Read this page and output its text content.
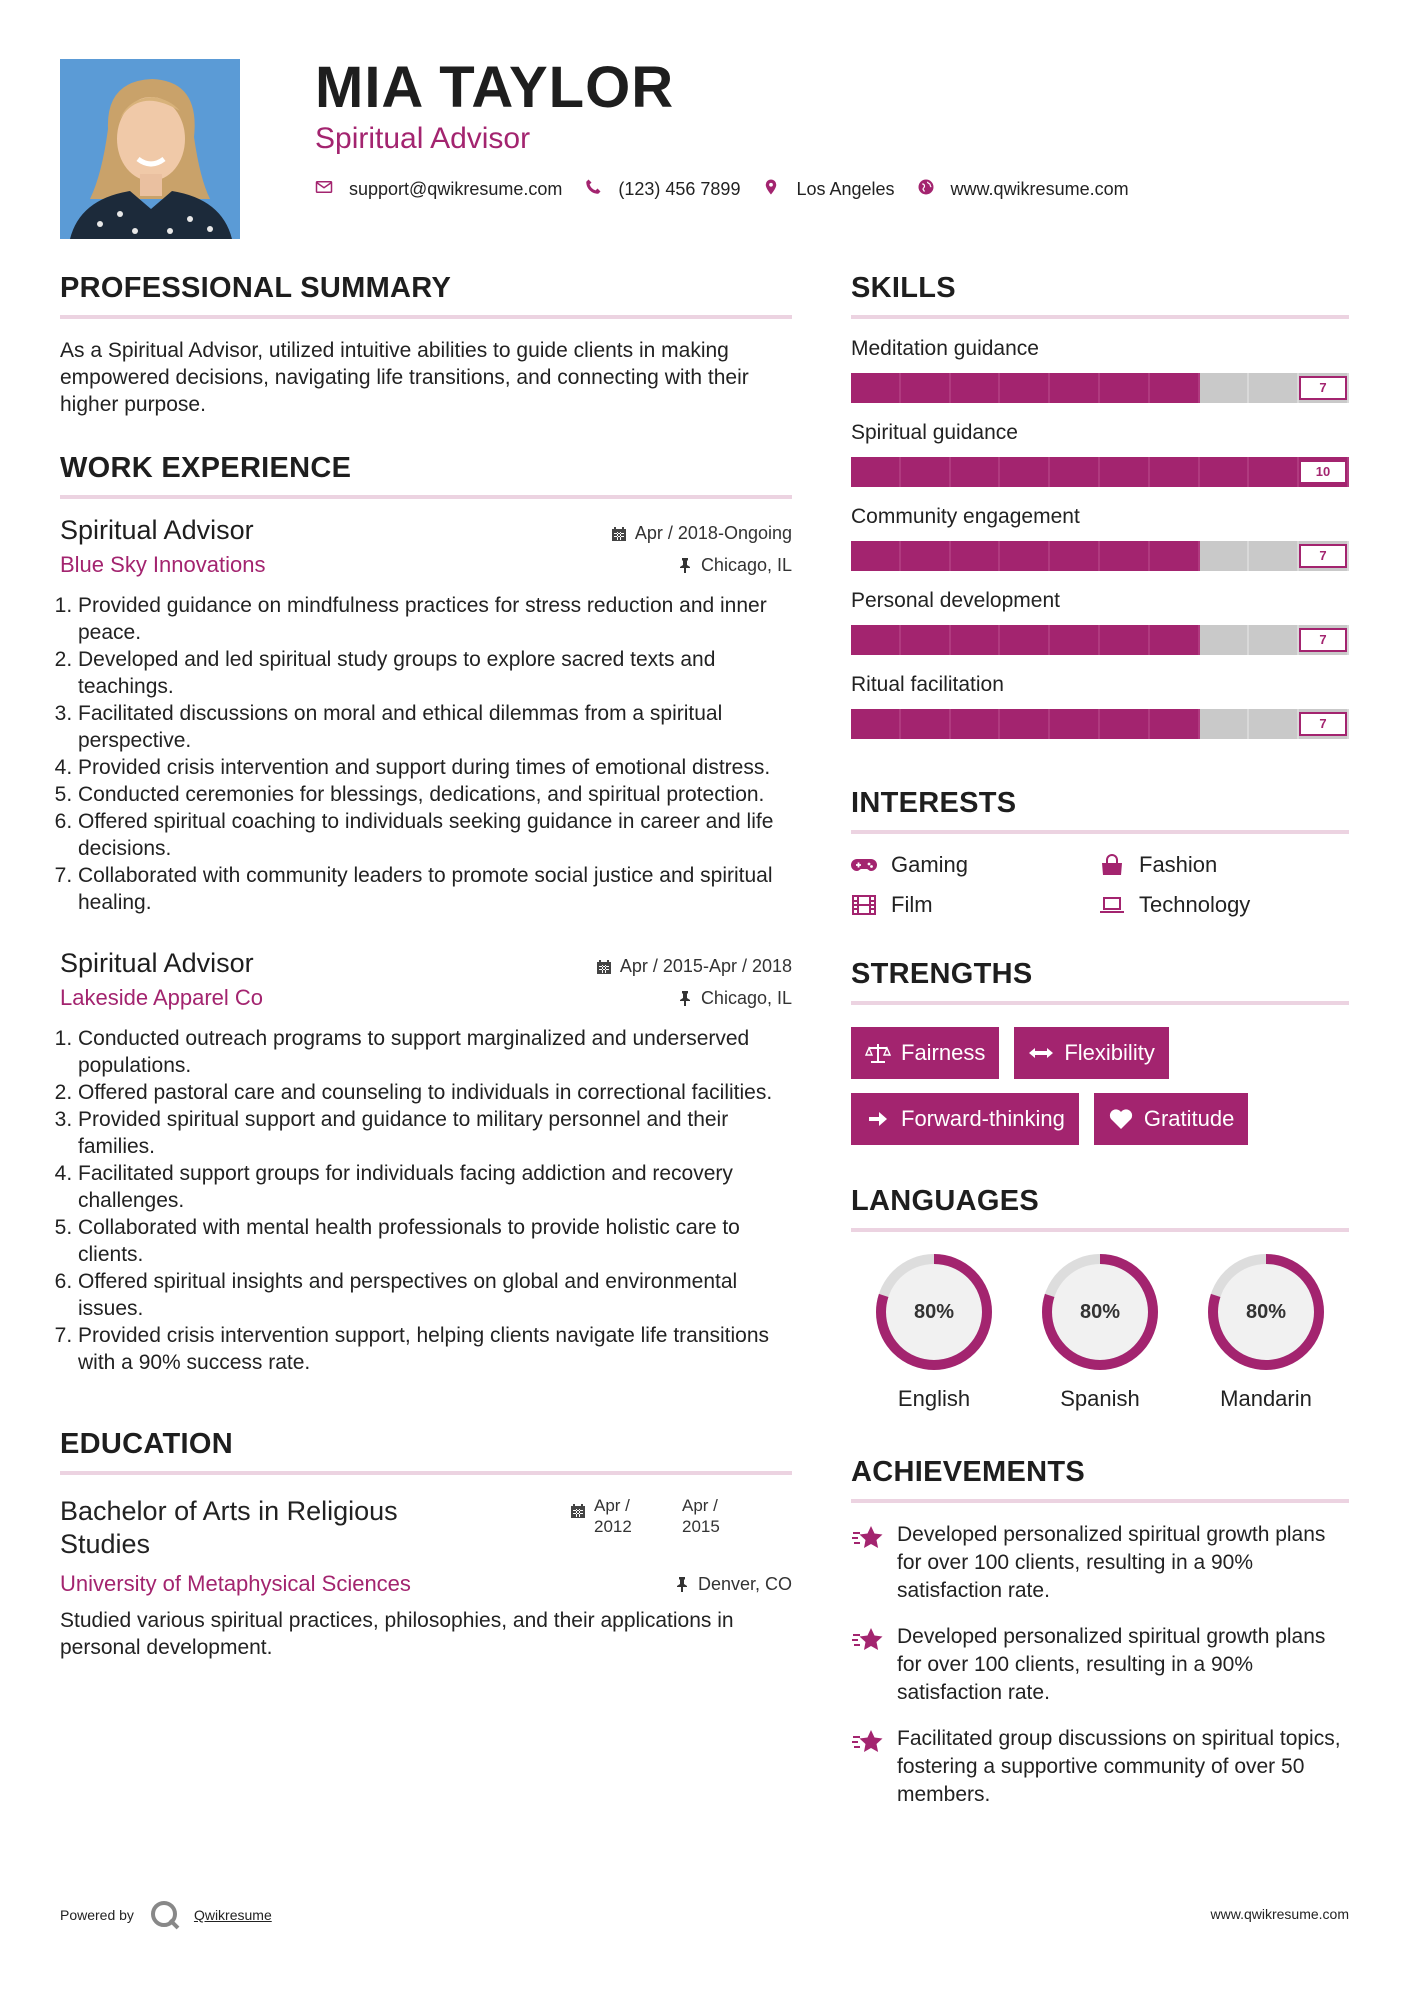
MIA TAYLOR
Spiritual Advisor
support@qwikresume.com	(123) 456 7899	Los Angeles	www.qwikresume.com
PROFESSIONAL SUMMARY

As a Spiritual Advisor, utilized intuitive abilities to guide clients in making empowered decisions, navigating life transitions, and connecting with their higher purpose.

WORK EXPERIENCE
Spiritual Advisor	Apr / 2018-Ongoing
Blue Sky Innovations	Chicago, IL
1. Provided guidance on mindfulness practices for stress reduction and inner peace.
2. Developed and led spiritual study groups to explore sacred texts and teachings.
3. Facilitated discussions on moral and ethical dilemmas from a spiritual perspective.
4. Provided crisis intervention and support during times of emotional distress.
5. Conducted ceremonies for blessings, dedications, and spiritual protection.
6. Offered spiritual coaching to individuals seeking guidance in career and life decisions.
7. Collaborated with community leaders to promote social justice and spiritual healing.
Spiritual Advisor	Apr / 2015-Apr / 2018
Lakeside Apparel Co	Chicago, IL
1. Conducted outreach programs to support marginalized and underserved populations.
2. Offered pastoral care and counseling to individuals in correctional facilities.
3. Provided spiritual support and guidance to military personnel and their families.
4. Facilitated support groups for individuals facing addiction and recovery challenges.
5. Collaborated with mental health professionals to provide holistic care to clients.
6. Offered spiritual insights and perspectives on global and environmental issues.
7. Provided crisis intervention support, helping clients navigate life transitions with a 90% success rate.
EDUCATION
Bachelor of Arts in Religious Studies
Apr / 2012
Apr / 2015
University of Metaphysical Sciences	Denver, CO

Studied various spiritual practices, philosophies, and their applications in personal development.

SKILLS
Meditation guidance
7
Spiritual guidance
10
Community engagement
7
Personal development
7
Ritual facilitation
7
INTERESTS
Gaming	Fashion
Film	Technology
STRENGTHS
Fairness	Flexibility
Forward-thinking	Gratitude
LANGUAGES
80%
English
80%
Spanish
80%
Mandarin
ACHIEVEMENTS
Developed personalized spiritual growth plans for over 100 clients, resulting in a 90% satisfaction rate.
Developed personalized spiritual growth plans for over 100 clients, resulting in a 90% satisfaction rate.
Facilitated group discussions on spiritual topics, fostering a supportive community of over 50 members.
Powered by	Qwikresume	www.qwikresume.com
